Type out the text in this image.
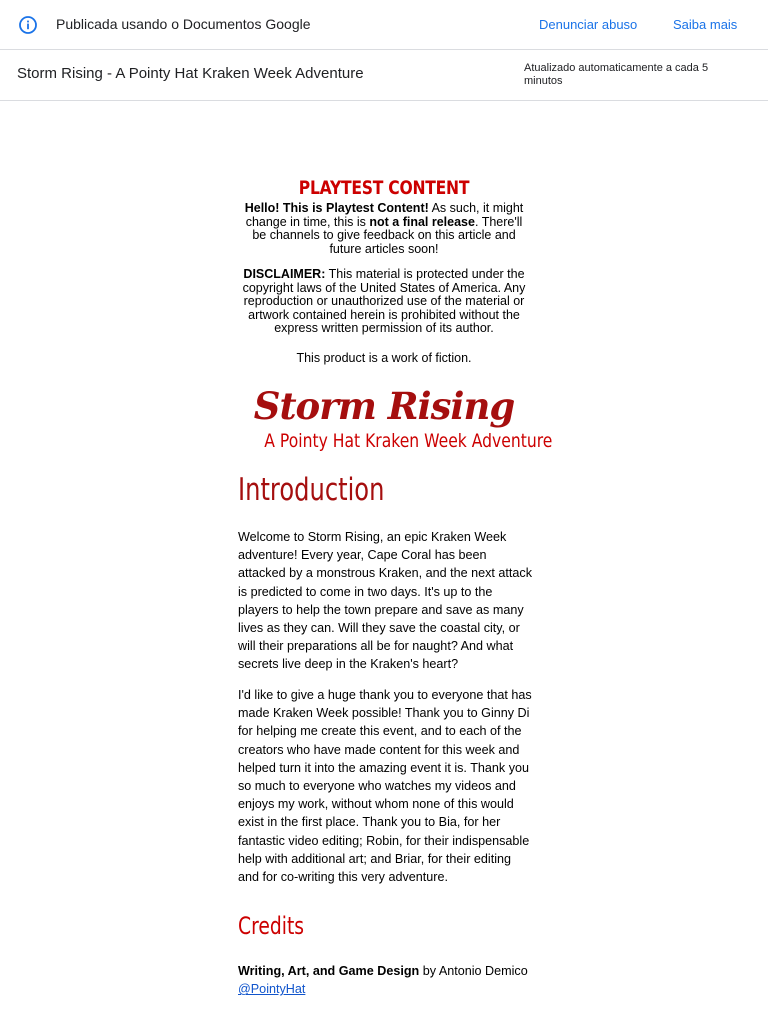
Publicada usando o Documentos Google	Denunciar abuso	Saiba mais
Storm Rising - A Pointy Hat Kraken Week Adventure	Atualizado automaticamente a cada 5 minutos
PLAYTEST CONTENT
Hello! This is Playtest Content! As such, it might change in time, this is not a final release. There'll be channels to give feedback on this article and future articles soon!
DISCLAIMER: This material is protected under the copyright laws of the United States of America. Any reproduction or unauthorized use of the material or artwork contained herein is prohibited without the express written permission of its author.
This product is a work of fiction.
Storm Rising
A Pointy Hat Kraken Week Adventure
Introduction

Welcome to Storm Rising, an epic Kraken Week adventure! Every year, Cape Coral has been attacked by a monstrous Kraken, and the next attack is predicted to come in two days. It's up to the players to help the town prepare and save as many lives as they can. Will they save the coastal city, or will their preparations all be for naught? And what secrets live deep in the Kraken's heart?

I'd like to give a huge thank you to everyone that has made Kraken Week possible! Thank you to Ginny Di for helping me create this event, and to each of the creators who have made content for this week and helped turn it into the amazing event it is. Thank you so much to everyone who watches my videos and enjoys my work, without whom none of this would exist in the first place. Thank you to Bia, for her fantastic video editing; Robin, for their indispensable help with additional art; and Briar, for their editing and for co-writing this very adventure.

Credits

Writing, Art, and Game Design by Antonio Demico @PointyHat
